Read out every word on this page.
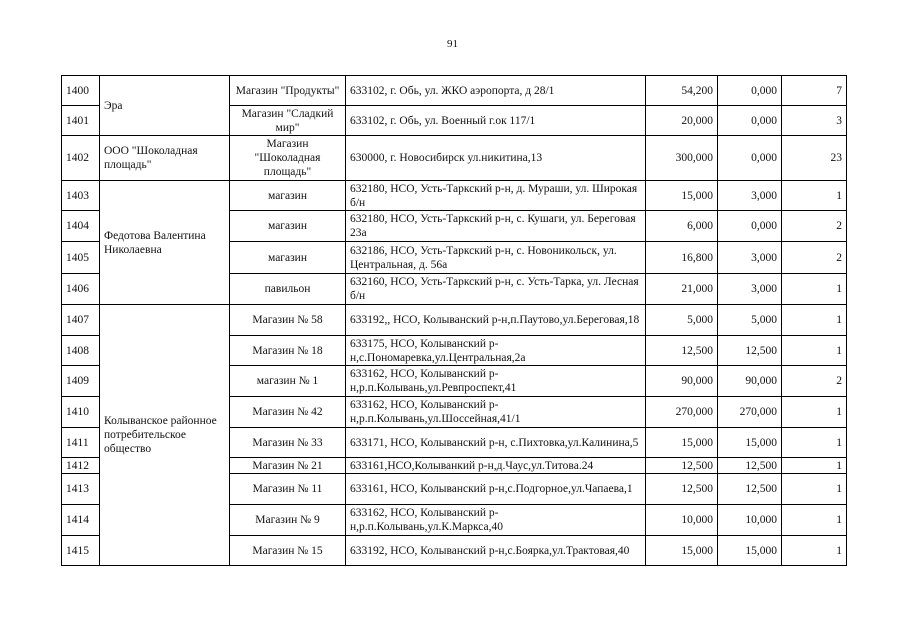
91
1400	Эра	Магазин "Продукты"	633102, г. Обь, ул. ЖКО аэропорта, д 28/1	54,200	0,000	7
1401		Магазин "Сладкий мир"	633102, г. Обь, ул. Военный г.ок 117/1	20,000	0,000	3
1402	ООО "Шоколадная площадь"	Магазин "Шоколадная площадь"	630000, г. Новосибирск ул.никитина,13	300,000	0,000	23
1403	Федотова Валентина Николаевна	магазин	632180, НСО, Усть-Таркский р-н, д. Мураши, ул. Широкая б/н	15,000	3,000	1
1404		магазин	632180, НСО, Усть-Таркский р-н, с. Кушаги, ул. Береговая 23а	6,000	0,000	2
1405		магазин	632186, НСО, Усть-Таркский р-н, с. Новоникольск, ул. Центральная, д. 56а	16,800	3,000	2
1406		павильон	632160, НСО, Усть-Таркский р-н, с. Усть-Тарка, ул. Лесная б/н	21,000	3,000	1
1407	Колыванское районное потребительское общество	Магазин № 58	633192,, НСО, Колыванский р-н,п.Паутово,ул.Береговая,18	5,000	5,000	1
1408		Магазин № 18	633175, НСО, Колыванский р-н,с.Пономаревка,ул.Центральная,2а	12,500	12,500	1
1409		магазин № 1	633162, НСО, Колыванский р-н,р.п.Колывань,ул.Ревпроспект,41	90,000	90,000	2
1410		Магазин № 42	633162, НСО, Колыванский р-н,р.п.Колывань,ул.Шоссейная,41/1	270,000	270,000	1
1411		Магазин № 33	633171, НСО, Колыванский р-н, с.Пихтовка,ул.Калинина,5	15,000	15,000	1
1412		Магазин № 21	633161,НСО,Колыванкий р-н,д.Чаус,ул.Титова.24	12,500	12,500	1
1413		Магазин № 11	633161, НСО, Колыванский р-н,с.Подгорное,ул.Чапаева,1	12,500	12,500	1
1414		Магазин № 9	633162, НСО, Колыванский р-н,р.п.Колывань,ул.К.Маркса,40	10,000	10,000	1
1415		Магазин № 15	633192, НСО, Колыванский р-н,с.Боярка,ул.Трактовая,40	15,000	15,000	1
